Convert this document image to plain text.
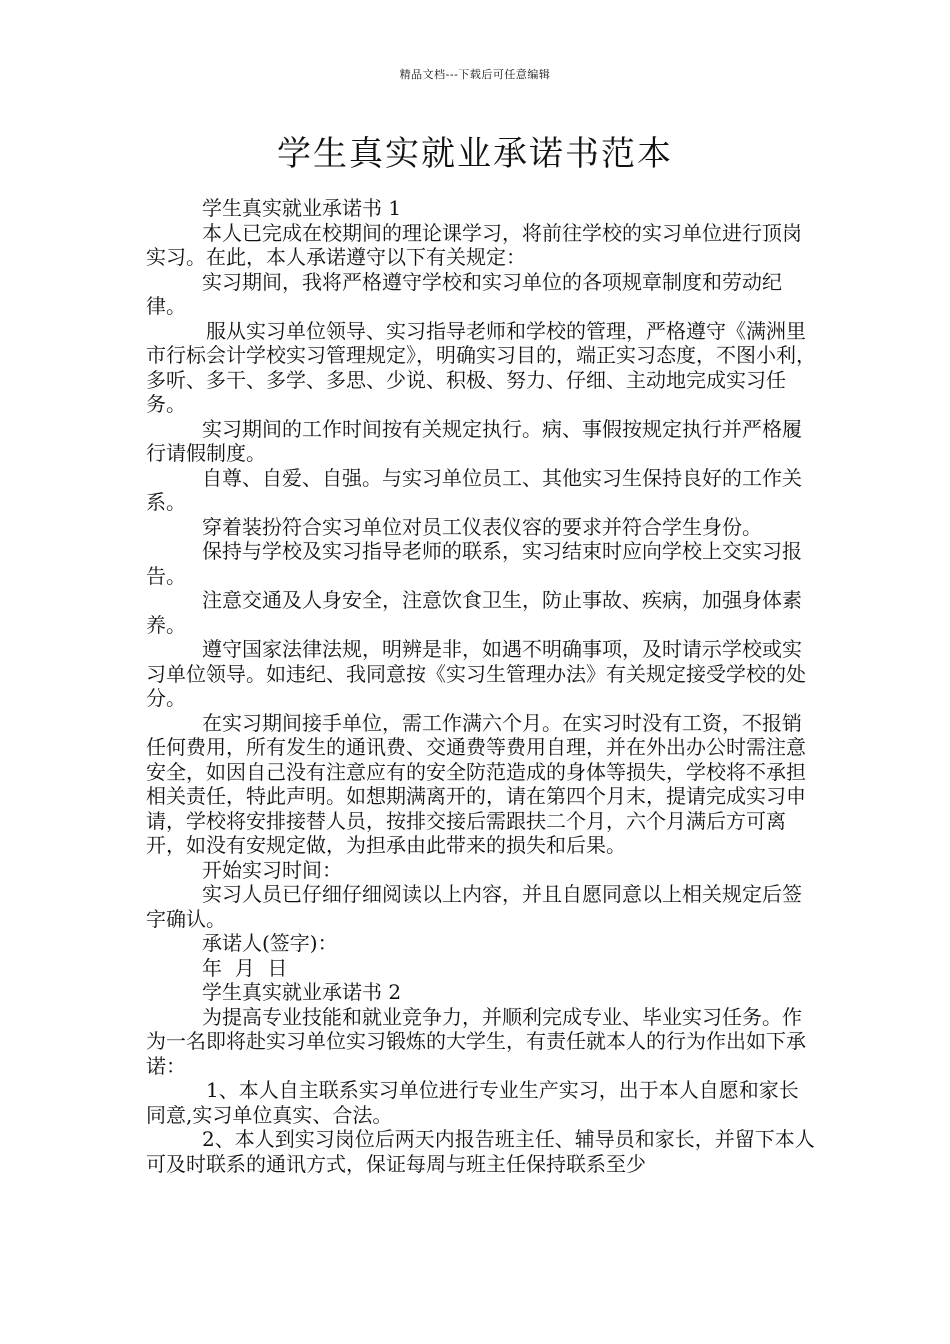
精品文档---下载后可任意编辑
学生真实就业承诺书范本

学生真实就业承诺书 1

本人已完成在校期间的理论课学习，将前往学校的实习单位进行顶岗实习。在此，本人承诺遵守以下有关规定：

实习期间，我将严格遵守学校和实习单位的各项规章制度和劳动纪律。

服从实习单位领导、实习指导老师和学校的管理，严格遵守《满洲里市行标会计学校实习管理规定》，明确实习目的，端正实习态度，不图小利，多听、多干、多学、多思、少说、积极、努力、仔细、主动地完成实习任务。

实习期间的工作时间按有关规定执行。病、事假按规定执行并严格履行请假制度。

自尊、自爱、自强。与实习单位员工、其他实习生保持良好的工作关系。

穿着装扮符合实习单位对员工仪表仪容的要求并符合学生身份。

保持与学校及实习指导老师的联系，实习结束时应向学校上交实习报告。

注意交通及人身安全，注意饮食卫生，防止事故、疾病，加强身体素养。

遵守国家法律法规，明辨是非，如遇不明确事项，及时请示学校或实习单位领导。如违纪、我同意按《实习生管理办法》有关规定接受学校的处分。

在实习期间接手单位，需工作满六个月。在实习时没有工资，不报销任何费用，所有发生的通讯费、交通费等费用自理，并在外出办公时需注意安全，如因自己没有注意应有的安全防范造成的身体等损失，学校将不承担相关责任，特此声明。如想期满离开的，请在第四个月末，提请完成实习申请，学校将安排接替人员，按排交接后需跟扶二个月，六个月满后方可离开，如没有安规定做，为担承由此带来的损失和后果。

开始实习时间：

实习人员已仔细仔细阅读以上内容，并且自愿同意以上相关规定后签字确认。

承诺人(签字)：

年  月  日

学生真实就业承诺书 2

为提高专业技能和就业竞争力，并顺利完成专业、毕业实习任务。作为一名即将赴实习单位实习锻炼的大学生，有责任就本人的行为作出如下承诺：

1、本人自主联系实习单位进行专业生产实习，出于本人自愿和家长同意,实习单位真实、合法。

2、本人到实习岗位后两天内报告班主任、辅导员和家长，并留下本人可及时联系的通讯方式，保证每周与班主任保持联系至少
